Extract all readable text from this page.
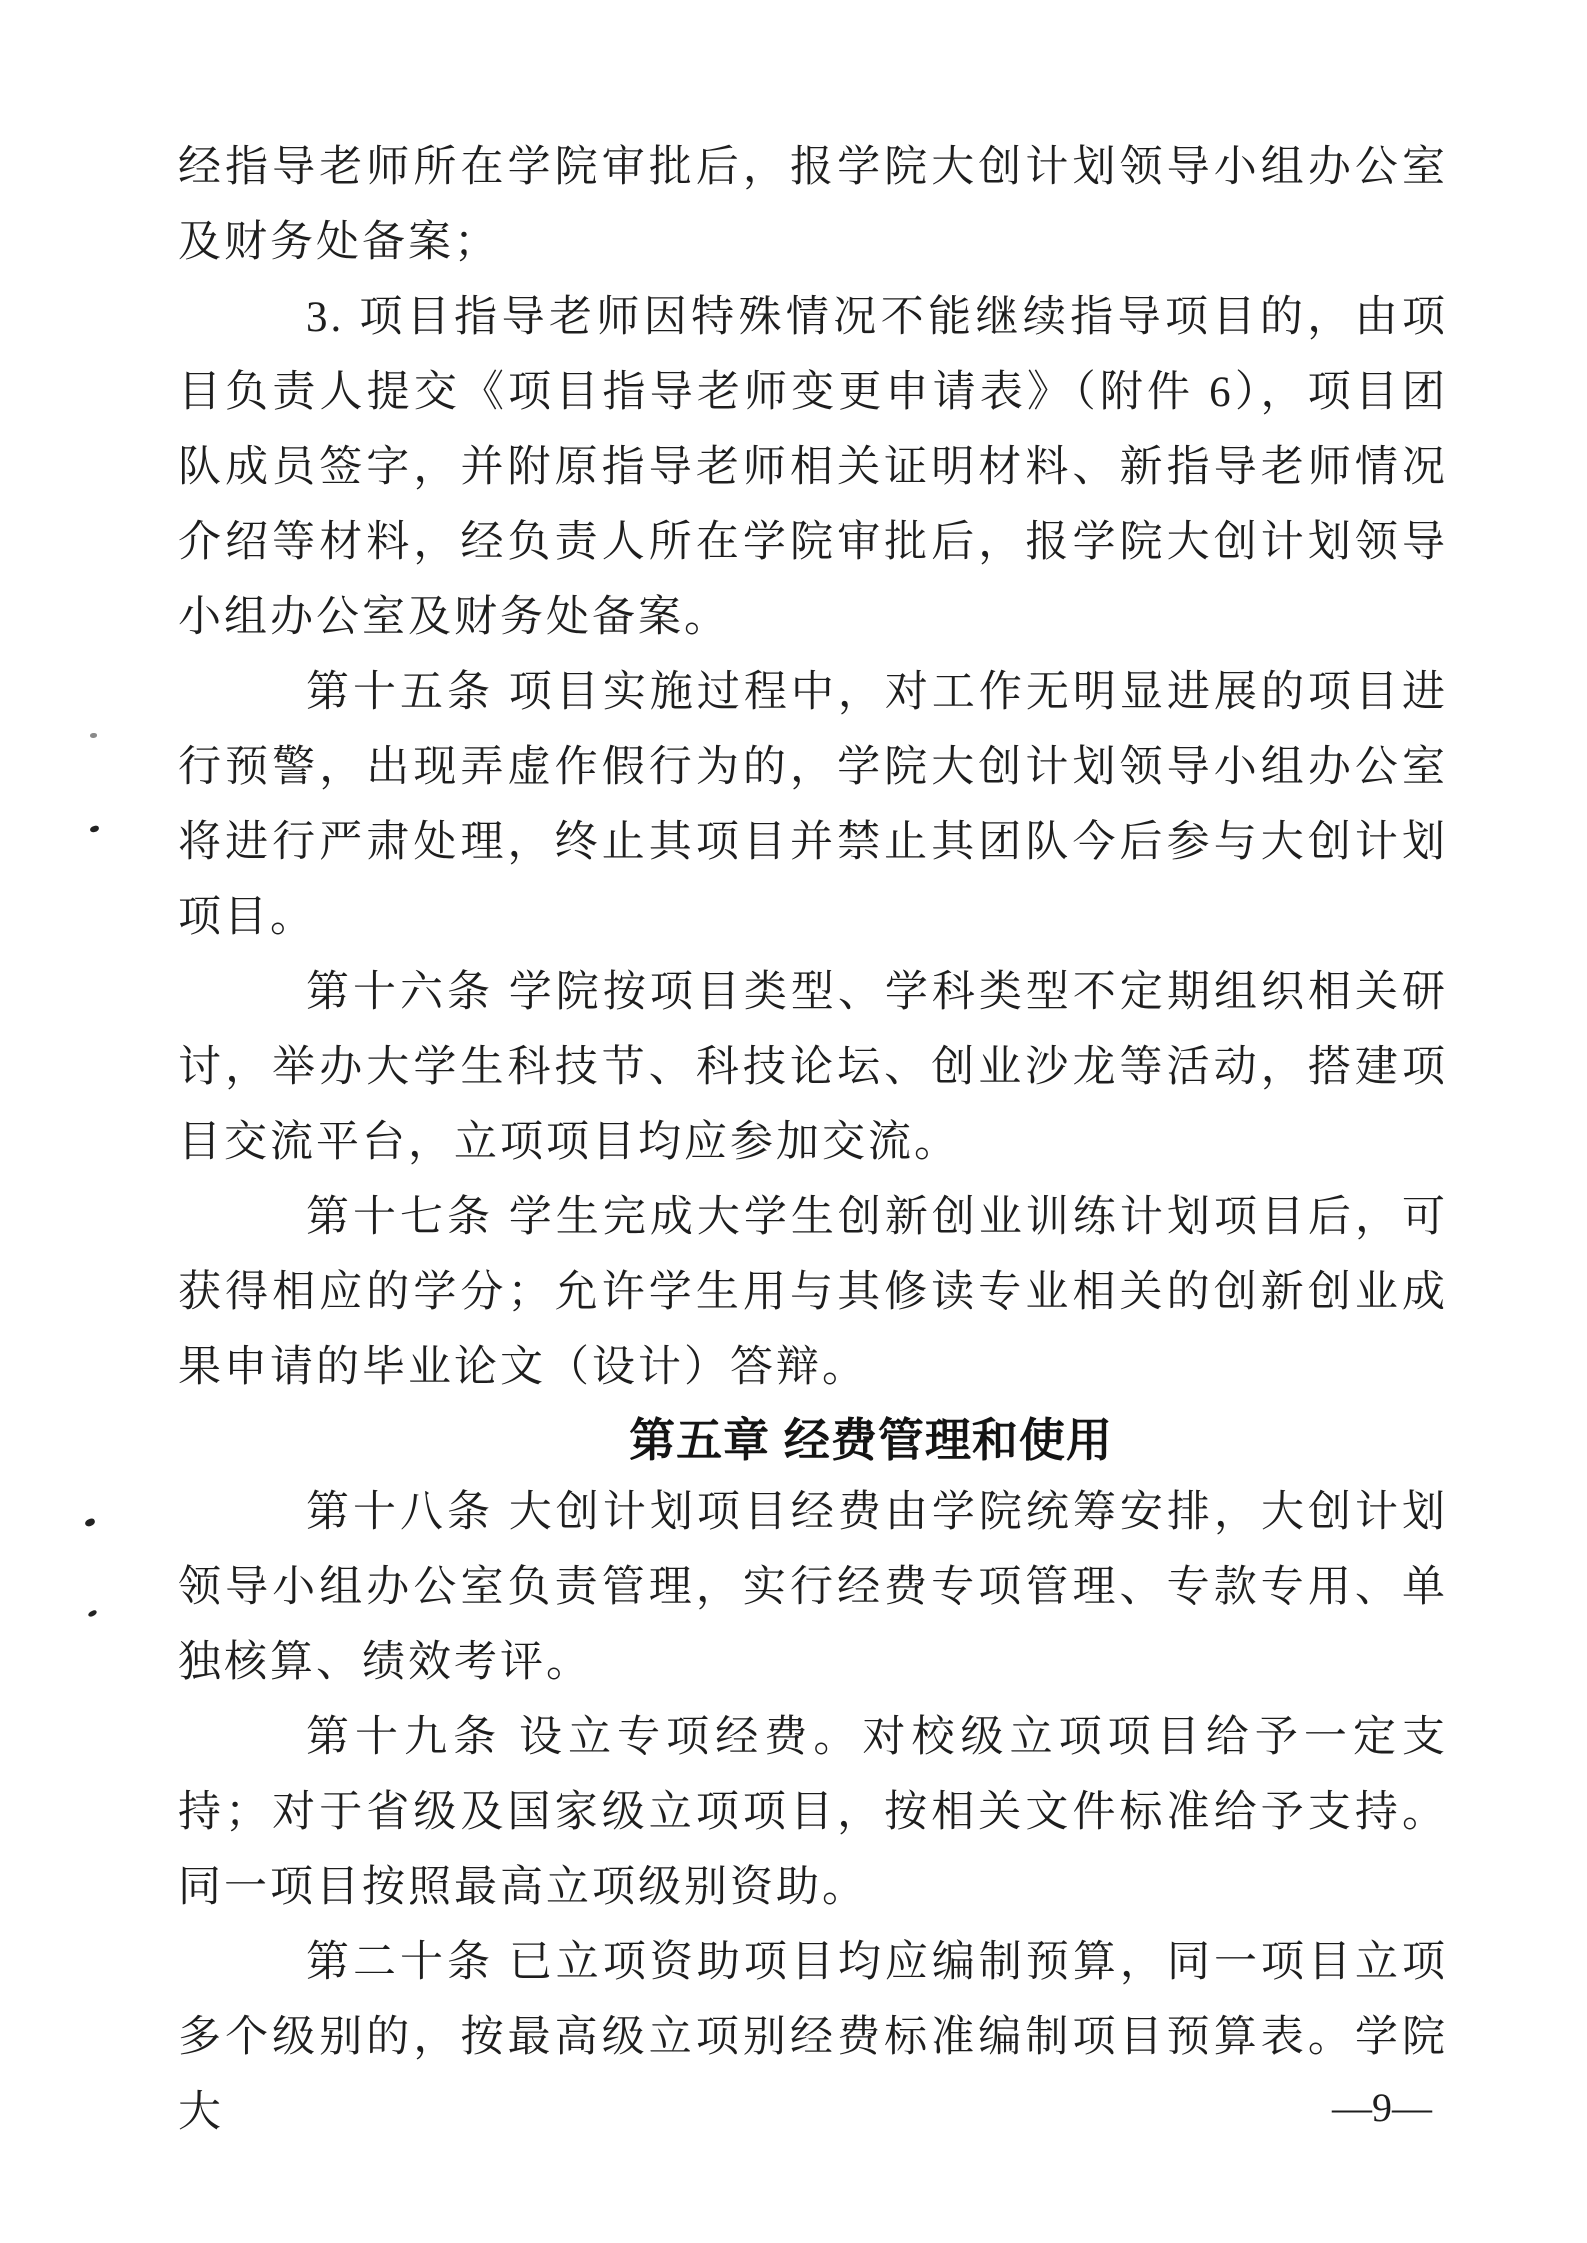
经指导老师所在学院审批后，报学院大创计划领导小组办公室及财务处备案；

3. 项目指导老师因特殊情况不能继续指导项目的，由项目负责人提交《项目指导老师变更申请表》（附件 6），项目团队成员签字，并附原指导老师相关证明材料、新指导老师情况介绍等材料，经负责人所在学院审批后，报学院大创计划领导小组办公室及财务处备案。

第十五条 项目实施过程中，对工作无明显进展的项目进行预警，出现弄虚作假行为的，学院大创计划领导小组办公室将进行严肃处理，终止其项目并禁止其团队今后参与大创计划项目。

第十六条 学院按项目类型、学科类型不定期组织相关研讨，举办大学生科技节、科技论坛、创业沙龙等活动，搭建项目交流平台，立项项目均应参加交流。

第十七条 学生完成大学生创新创业训练计划项目后，可获得相应的学分；允许学生用与其修读专业相关的创新创业成果申请的毕业论文（设计）答辩。

第五章 经费管理和使用

第十八条 大创计划项目经费由学院统筹安排，大创计划领导小组办公室负责管理，实行经费专项管理、专款专用、单独核算、绩效考评。

第十九条 设立专项经费。对校级立项项目给予一定支持；对于省级及国家级立项项目，按相关文件标准给予支持。同一项目按照最高立项级别资助。

第二十条 已立项资助项目均应编制预算，同一项目立项多个级别的，按最高级立项别经费标准编制项目预算表。学院大	—9—
